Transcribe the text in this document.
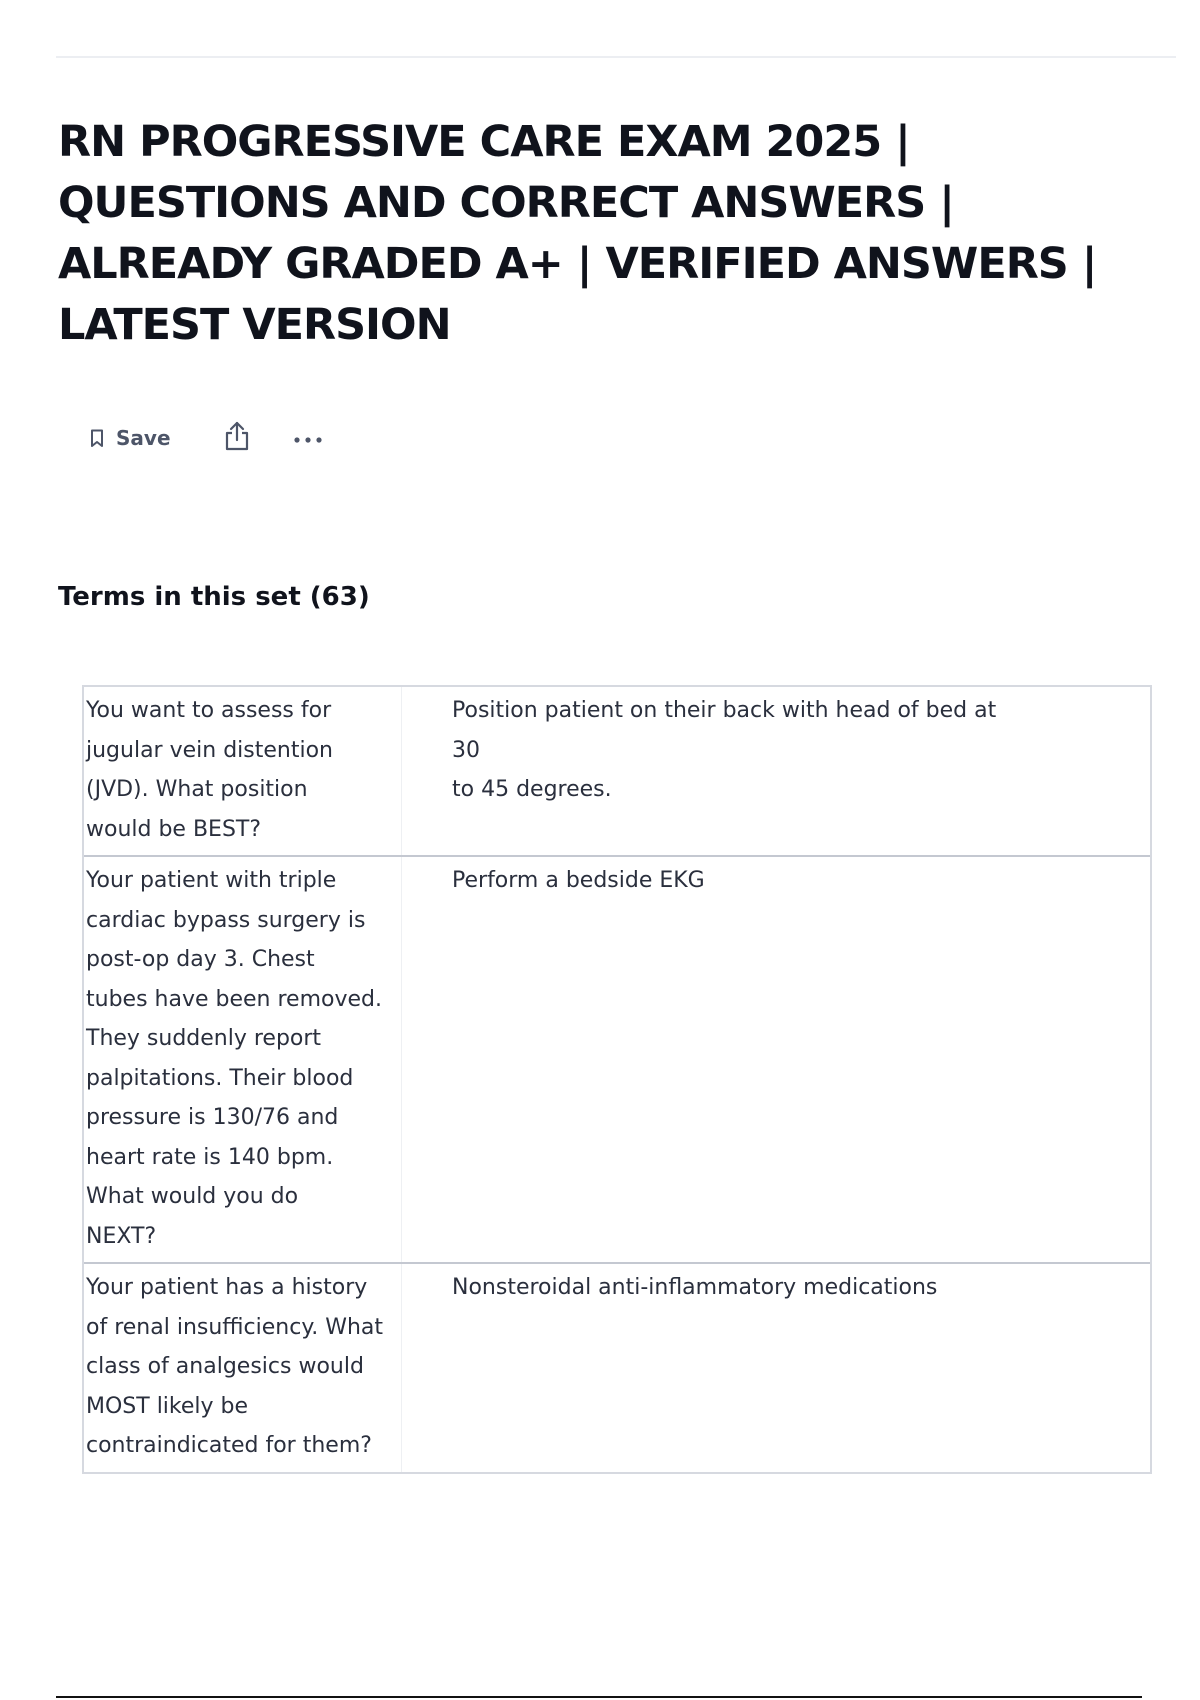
RN PROGRESSIVE CARE EXAM 2025 | QUESTIONS AND CORRECT ANSWERS | ALREADY GRADED A+ | VERIFIED ANSWERS | LATEST VERSION
Save
Terms in this set (63)
You want to assess for
jugular vein distention
(JVD). What position
would be BEST?
Position patient on their back with head of bed at 30
to 45 degrees.
Your patient with triple
cardiac bypass surgery is
post-op day 3. Chest
tubes have been removed.
They suddenly report
palpitations. Their blood
pressure is 130/76 and
heart rate is 140 bpm.
What would you do
NEXT?
Perform a bedside EKG
Your patient has a history
of renal insufficiency. What
class of analgesics would
MOST likely be
contraindicated for them?
Nonsteroidal anti-inflammatory medications
